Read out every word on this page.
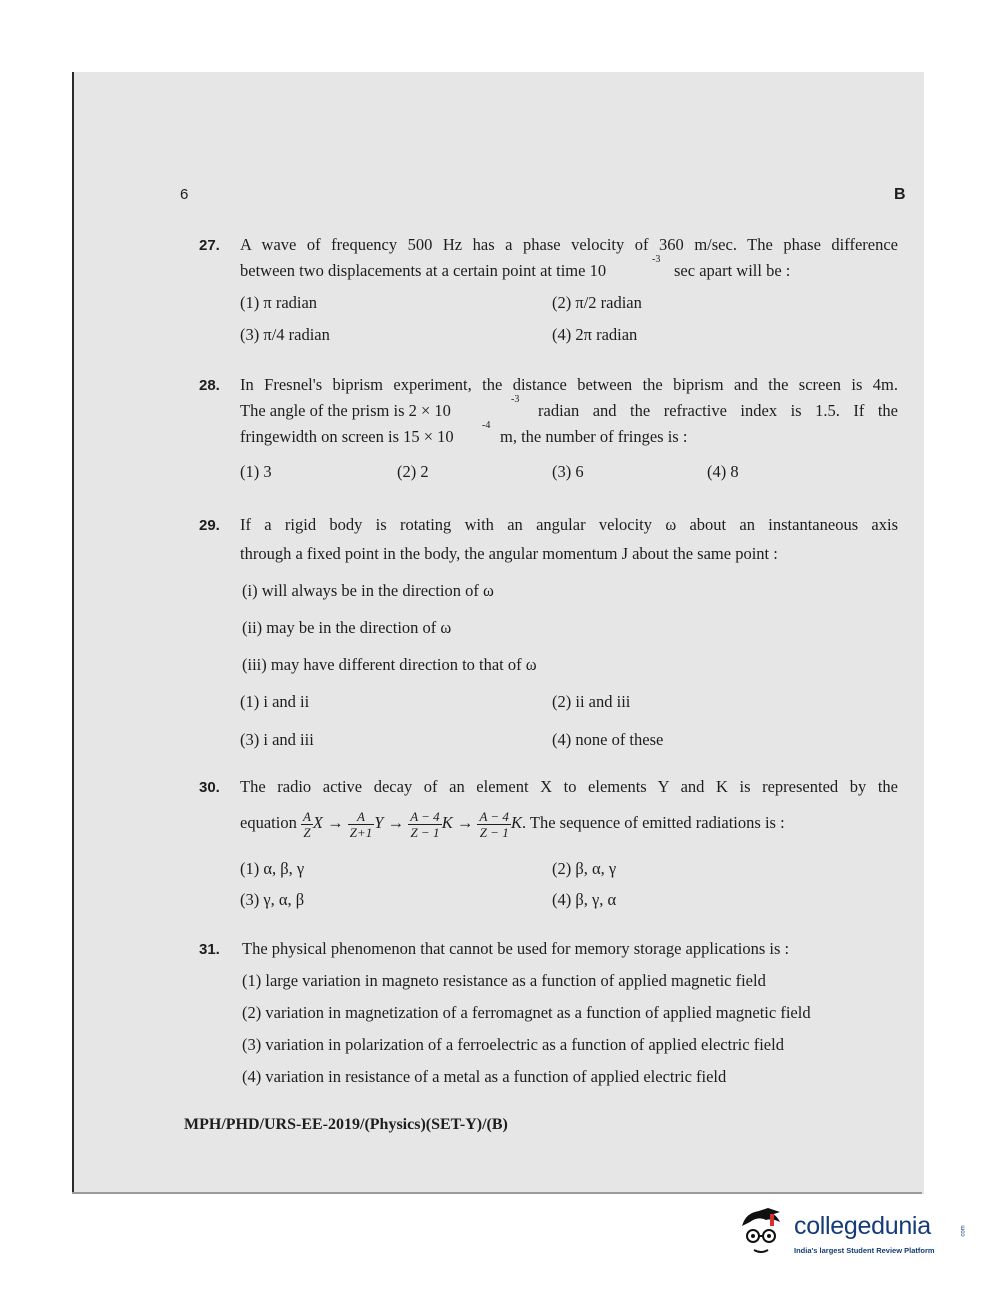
6	B
27. A wave of frequency 500 Hz has a phase velocity of 360 m/sec. The phase difference
between two displacements at a certain point at time 10
-3
sec apart will be :
(1) π radian	(2) π/2 radian
(3) π/4 radian	(4) 2π radian
28. In Fresnel's biprism experiment, the distance between the biprism and the screen is 4m.
The angle of the prism is 2 × 10
-3
radian and the refractive index is 1.5. If the
fringewidth on screen is 15 × 10
-4
m, the number of fringes is :
(1) 3	(2) 2	(3) 6	(4) 8
29. If a rigid body is rotating with an angular velocity ω about an instantaneous axis
through a fixed point in the body, the angular momentum J about the same point :
(i) will always be in the direction of ω
(ii) may be in the direction of ω
(iii) may have different direction to that of ω
(1) i and ii	(2) ii and iii
(3) i and iii	(4) none of these
30. The radio active decay of an element X to elements Y and K is represented by the
equation $\frac{A}{Z}$ $X \to \frac{A}{Z+1}$ $Y \to \frac{A - 4}{Z - 1}$ $K \to \frac{A - 4}{Z - 1} K$. The sequence of emitted radiations is :
(1) α, β, γ	(2) β, α, γ
(3) γ, α, β	(4) β, γ, α
31. The physical phenomenon that cannot be used for memory storage applications is :
(1) large variation in magneto resistance as a function of applied magnetic field
(2) variation in magnetization of a ferromagnet as a function of applied magnetic field
(3) variation in polarization of a ferroelectric as a function of applied electric field
(4) variation in resistance of a metal as a function of applied electric field
MPH/PHD/URS-EE-2019/(Physics)(SET-Y)/(B)
collegedunia	com
India's largest Student Review Platform
